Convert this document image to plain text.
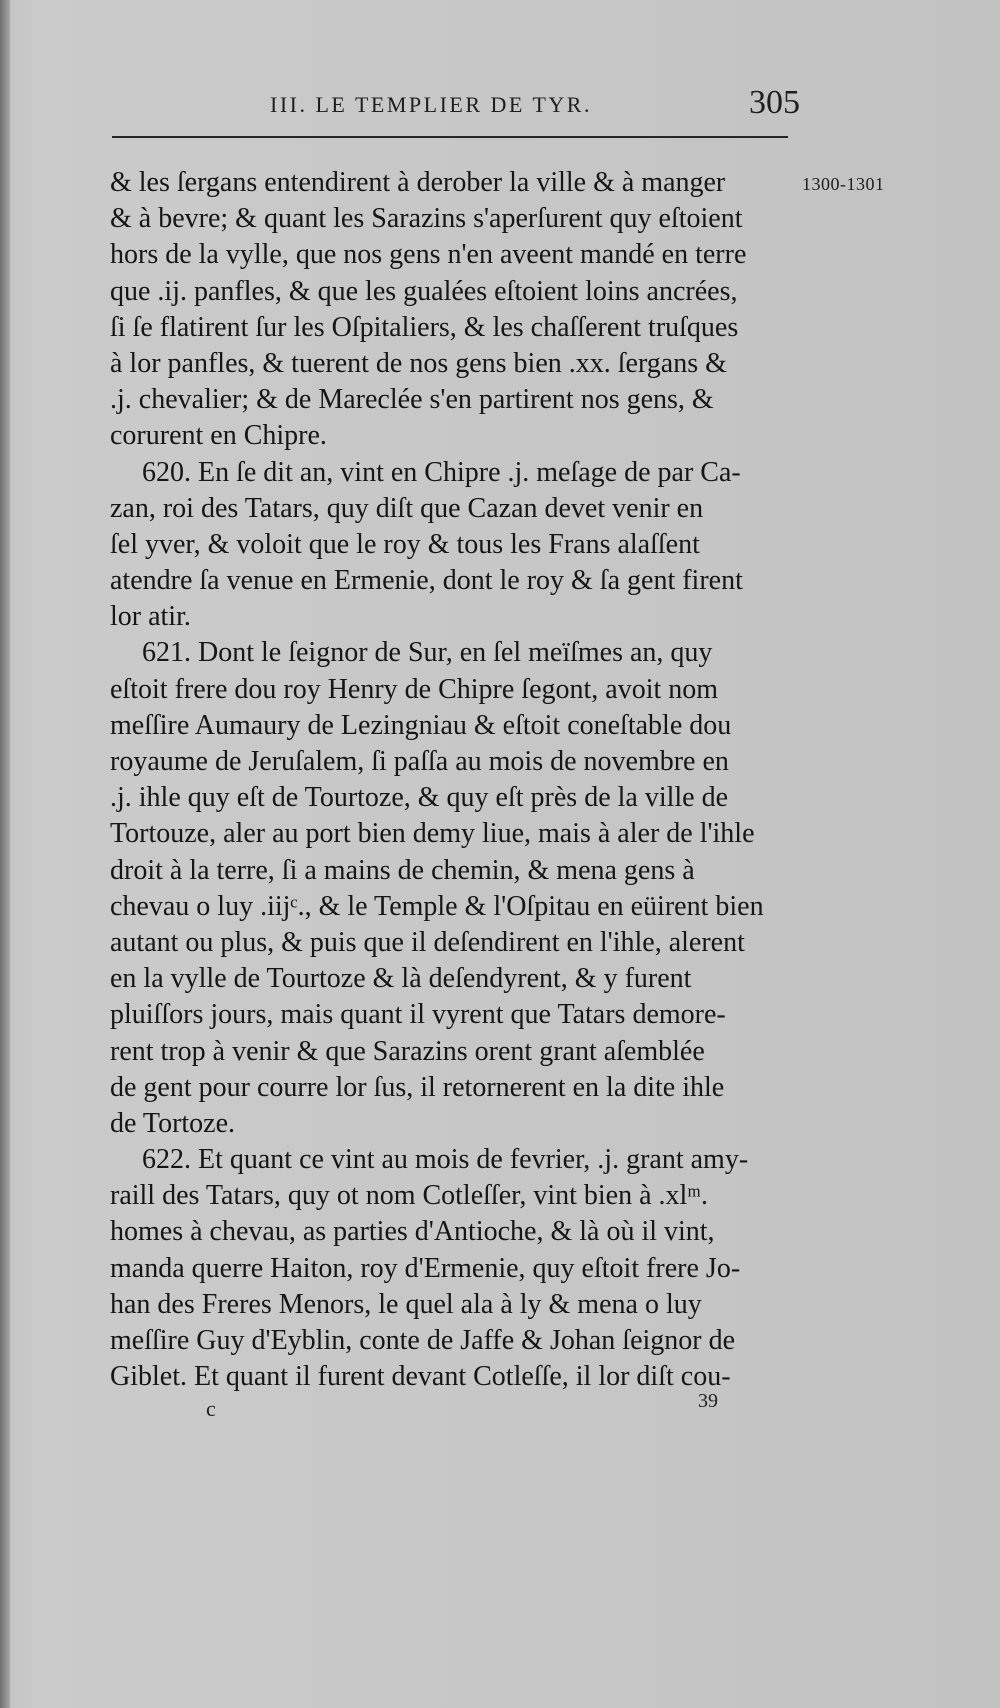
III. LE TEMPLIER DE TYR.	305
1300-1301
& les ſergans entendirent à derober la ville & à manger
& à bevre; & quant les Sarazins s'aperſurent quy eſtoient
hors de la vylle, que nos gens n'en aveent mandé en terre
que .ij. panfles, & que les gualées eſtoient loins ancrées,
ſi ſe flatirent ſur les Oſpitaliers, & les chaſſerent truſques
à lor panfles, & tuerent de nos gens bien .xx. ſergans &
.j. chevalier; & de Mareclée s'en partirent nos gens, &
corurent en Chipre.
620. En ſe dit an, vint en Chipre .j. meſage de par Ca-
zan, roi des Tatars, quy diſt que Cazan devet venir en
ſel yver, & voloit que le roy & tous les Frans alaſſent
atendre ſa venue en Ermenie, dont le roy & ſa gent firent
lor atir.
621. Dont le ſeignor de Sur, en ſel meïſmes an, quy
eſtoit frere dou roy Henry de Chipre ſegont, avoit nom
meſſire Aumaury de Lezingniau & eſtoit coneſtable dou
royaume de Jeruſalem, ſi paſſa au mois de novembre en
.j. ihle quy eſt de Tourtoze, & quy eſt près de la ville de
Tortouze, aler au port bien demy liue, mais à aler de l'ihle
droit à la terre, ſi a mains de chemin, & mena gens à
chevau o luy .iijᶜ., & le Temple & l'Oſpitau en eüirent bien
autant ou plus, & puis que il deſendirent en l'ihle, alerent
en la vylle de Tourtoze & là deſendyrent, & y furent
pluiſſors jours, mais quant il vyrent que Tatars demore-
rent trop à venir & que Sarazins orent grant aſemblée
de gent pour courre lor ſus, il retornerent en la dite ihle
de Tortoze.
622. Et quant ce vint au mois de fevrier, .j. grant amy-
raill des Tatars, quy ot nom Cotleſſer, vint bien à .xlᵐ.
homes à chevau, as parties d'Antioche, & là où il vint,
manda querre Haiton, roy d'Ermenie, quy eſtoit frere Jo-
han des Freres Menors, le quel ala à ly & mena o luy
meſſire Guy d'Eyblin, conte de Jaffe & Johan ſeignor de
Giblet. Et quant il furent devant Cotleſſe, il lor diſt cou-
c	39
